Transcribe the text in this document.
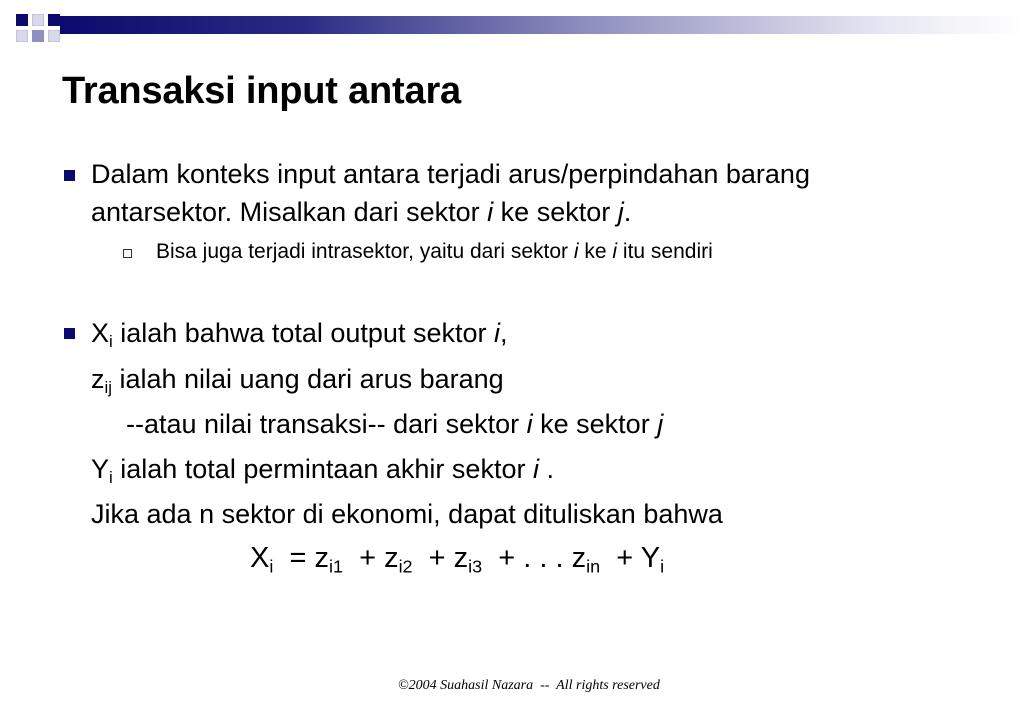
Transaksi input antara
Dalam konteks input antara terjadi arus/perpindahan barang
antarsektor. Misalkan dari sektor i ke sektor j.
Bisa juga terjadi intrasektor, yaitu dari sektor i ke i itu sendiri
$X_i$ ialah bahwa total output sektor i,
$z_{ij}$ ialah nilai uang dari arus barang
--atau nilai transaksi-- dari sektor i ke sektor j
$Y_i$ ialah total permintaan akhir sektor i .
Jika ada n sektor di ekonomi, dapat dituliskan bahwa
$X_i = z_{i1} + z_{i2} + z_{i3}$  + . . . $z_{in} + Y_i$
©2004 Suahasil Nazara  --  All rights reserved
